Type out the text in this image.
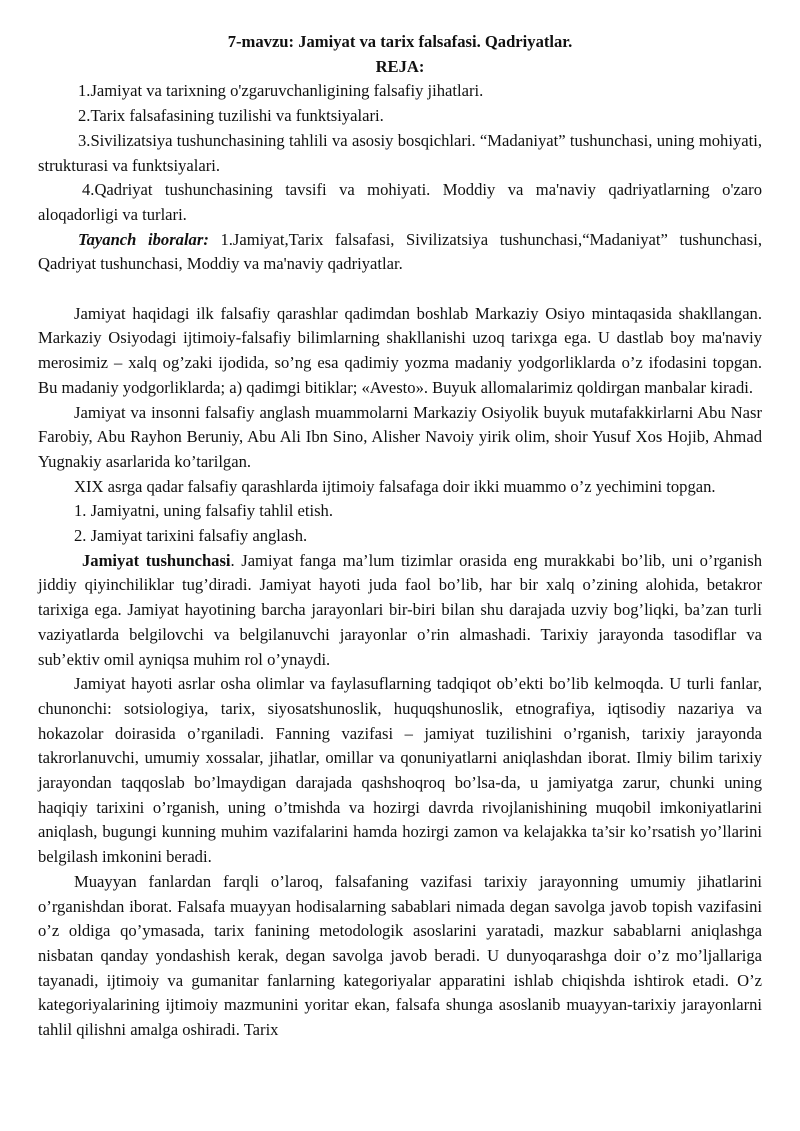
7-mavzu: Jamiyat va tarix falsafasi. Qadriyatlar.

REJA:

1.Jamiyat va tarixning o'zgaruvchanligining falsafiy jihatlari.

2.Tarix falsafasining tuzilishi va funktsiyalari.

3.Sivilizatsiya tushunchasining tahlili va asosiy bosqichlari. “Madaniyat” tushunchasi, uning mohiyati, strukturasi va funktsiyalari.

4.Qadriyat tushunchasining tavsifi va mohiyati. Moddiy va ma'naviy qadriyatlarning o'zaro aloqadorligi va turlari.

Tayanch iboralar: 1.Jamiyat,Tarix falsafasi, Sivilizatsiya tushunchasi,“Madaniyat” tushunchasi, Qadriyat tushunchasi, Moddiy va ma'naviy qadriyatlar.

Jamiyat haqidagi ilk falsafiy qarashlar qadimdan boshlab Markaziy Osiyo mintaqasida shakllangan. Markaziy Osiyodagi ijtimoiy-falsafiy bilimlarning shakllanishi uzoq tarixga ega. U dastlab boy ma'naviy merosimiz – xalq og’zaki ijodida, so’ng esa qadimiy yozma madaniy yodgorliklarda o’z ifodasini topgan. Bu madaniy yodgorliklarda; a) qadimgi bitiklar; «Avesto». Buyuk allomalarimiz qoldirgan manbalar kiradi.

Jamiyat va insonni falsafiy anglash muammolarni Markaziy Osiyolik buyuk mutafakkirlarni Abu Nasr Farobiy, Abu Rayhon Beruniy, Abu Ali Ibn Sino, Alisher Navoiy yirik olim, shoir Yusuf Xos Hojib, Ahmad Yugnakiy asarlarida ko’tarilgan.

XIX asrga qadar falsafiy qarashlarda ijtimoiy falsafaga doir ikki muammo o’z yechimini topgan.

1. Jamiyatni, uning falsafiy tahlil etish.

2. Jamiyat tarixini falsafiy anglash.

Jamiyat tushunchasi. Jamiyat fanga ma’lum tizimlar orasida eng murakkabi bo’lib, uni o’rganish jiddiy qiyinchiliklar tug’diradi. Jamiyat hayoti juda faol bo’lib, har bir xalq o’zining alohida, betakror tarixiga ega. Jamiyat hayotining barcha jarayonlari bir-biri bilan shu darajada uzviy bog’liqki, ba’zan turli vaziyatlarda belgilovchi va belgilanuvchi jarayonlar o’rin almashadi. Tarixiy jarayonda tasodiflar va sub’ektiv omil ayniqsa muhim rol o’ynaydi.

Jamiyat hayoti asrlar osha olimlar va faylasuflarning tadqiqot ob’ekti bo’lib kelmoqda. U turli fanlar, chunonchi: sotsiologiya, tarix, siyosatshunoslik, huquqshunoslik, etnografiya, iqtisodiy nazariya va hokazolar doirasida o’rganiladi. Fanning vazifasi – jamiyat tuzilishini o’rganish, tarixiy jarayonda takrorlanuvchi, umumiy xossalar, jihatlar, omillar va qonuniyatlarni aniqlashdan iborat. Ilmiy bilim tarixiy jarayondan taqqoslab bo’lmaydigan darajada qashshoqroq bo’lsa-da, u jamiyatga zarur, chunki uning haqiqiy tarixini o’rganish, uning o’tmishda va hozirgi davrda rivojlanishining muqobil imkoniyatlarini aniqlash, bugungi kunning muhim vazifalarini hamda hozirgi zamon va kelajakka ta’sir ko’rsatish yo’llarini belgilash imkonini beradi.

Muayyan fanlardan farqli o’laroq, falsafaning vazifasi tarixiy jarayonning umumiy jihatlarini o’rganishdan iborat. Falsafa muayyan hodisalarning sabablari nimada degan savolga javob topish vazifasini o’z oldiga qo’ymasada, tarix fanining metodologik asoslarini yaratadi, mazkur sabablarni aniqlashga nisbatan qanday yondashish kerak, degan savolga javob beradi. U dunyoqarashga doir o’z mo’ljallariga tayanadi, ijtimoiy va gumanitar fanlarning kategoriyalar apparatini ishlab chiqishda ishtirok etadi. O’z kategoriyalarining ijtimoiy mazmunini yoritar ekan, falsafa shunga asoslanib muayyan-tarixiy jarayonlarni tahlil qilishni amalga oshiradi. Tarix
